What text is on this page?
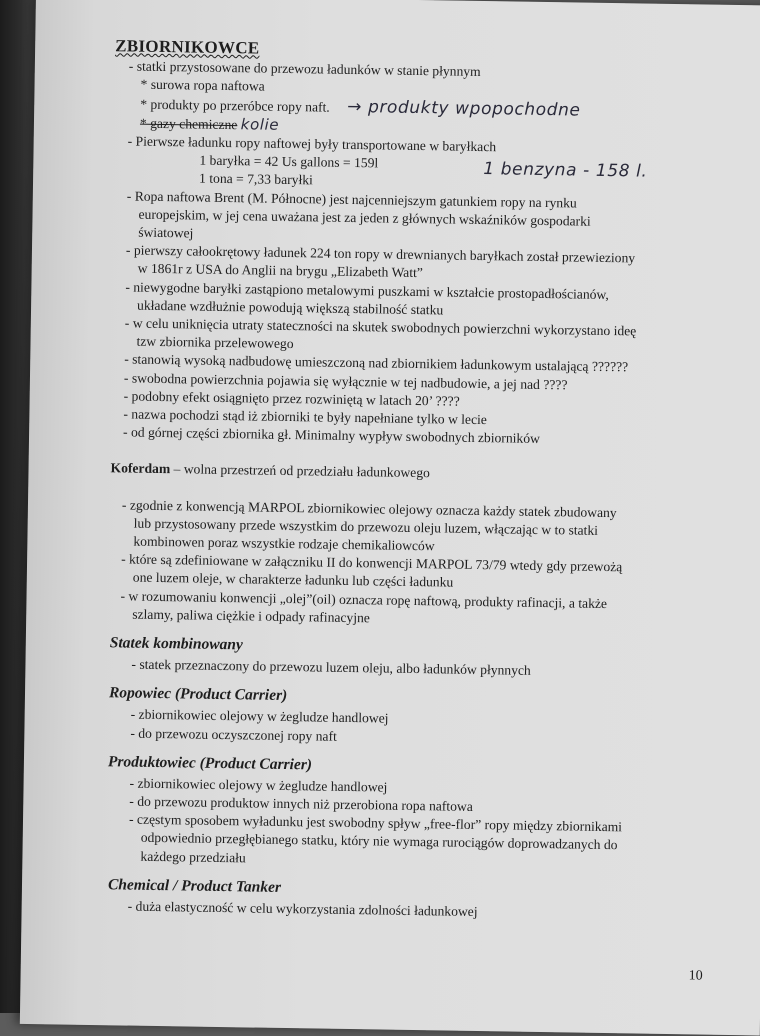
ZBIORNIKOWCE
- statki przystosowane do przewozu ładunków w stanie płynnym
* surowa ropa naftowa
* produkty po przeróbce ropy naft. → produkty wpopochodne
* gazy chemiczne kolie
- Pierwsze ładunku ropy naftowej były transportowane w baryłkach
1 baryłka = 42 Us gallons = 159l	1 benzyna - 158 l.
1 tona = 7,33 baryłki
- Ropa naftowa Brent (M. Północne) jest najcenniejszym gatunkiem ropy na rynku
europejskim, w jej cena uważana jest za jeden z głównych wskaźników gospodarki
światowej
- pierwszy całookrętowy ładunek 224 ton ropy w drewnianych baryłkach został przewieziony
w 1861r z USA do Anglii na brygu „Elizabeth Watt”
- niewygodne baryłki zastąpiono metalowymi puszkami w kształcie prostopadłościanów,
układane wzdłużnie powodują większą stabilność statku
- w celu uniknięcia utraty stateczności na skutek swobodnych powierzchni wykorzystano ideę
tzw zbiornika przelewowego
- stanowią wysoką nadbudowę umieszczoną nad zbiornikiem ładunkowym ustalającą ??????
- swobodna powierzchnia pojawia się wyłącznie w tej nadbudowie, a jej nad ????
- podobny efekt osiągnięto przez rozwiniętą w latach 20’ ????
- nazwa pochodzi stąd iż zbiorniki te były napełniane tylko w lecie
- od górnej części zbiornika gł. Minimalny wypływ swobodnych zbiorników
Koferdam – wolna przestrzeń od przedziału ładunkowego
- zgodnie z konwencją MARPOL zbiornikowiec olejowy oznacza każdy statek zbudowany
lub przystosowany przede wszystkim do przewozu oleju luzem, włączając w to statki
kombinowen poraz wszystkie rodzaje chemikaliowców
- które są zdefiniowane w załączniku II do konwencji MARPOL 73/79 wtedy gdy przewożą
one luzem oleje, w charakterze ładunku lub części ładunku
- w rozumowaniu konwencji „olej”(oil) oznacza ropę naftową, produkty rafinacji, a także
szlamy, paliwa ciężkie i odpady rafinacyjne
Statek kombinowany
- statek przeznaczony do przewozu luzem oleju, albo ładunków płynnych
Ropowiec (Product Carrier)
- zbiornikowiec olejowy w żegludze handlowej
- do przewozu oczyszczonej ropy naft
Produktowiec (Product Carrier)
- zbiornikowiec olejowy w żegludze handlowej
- do przewozu produktow innych niż przerobiona ropa naftowa
- częstym sposobem wyładunku jest swobodny spływ „free-flor” ropy między zbiornikami
odpowiednio przegłębianego statku, który nie wymaga rurociągów doprowadzanych do
każdego przedziału
Chemical / Product Tanker
- duża elastyczność w celu wykorzystania zdolności ładunkowej
10
